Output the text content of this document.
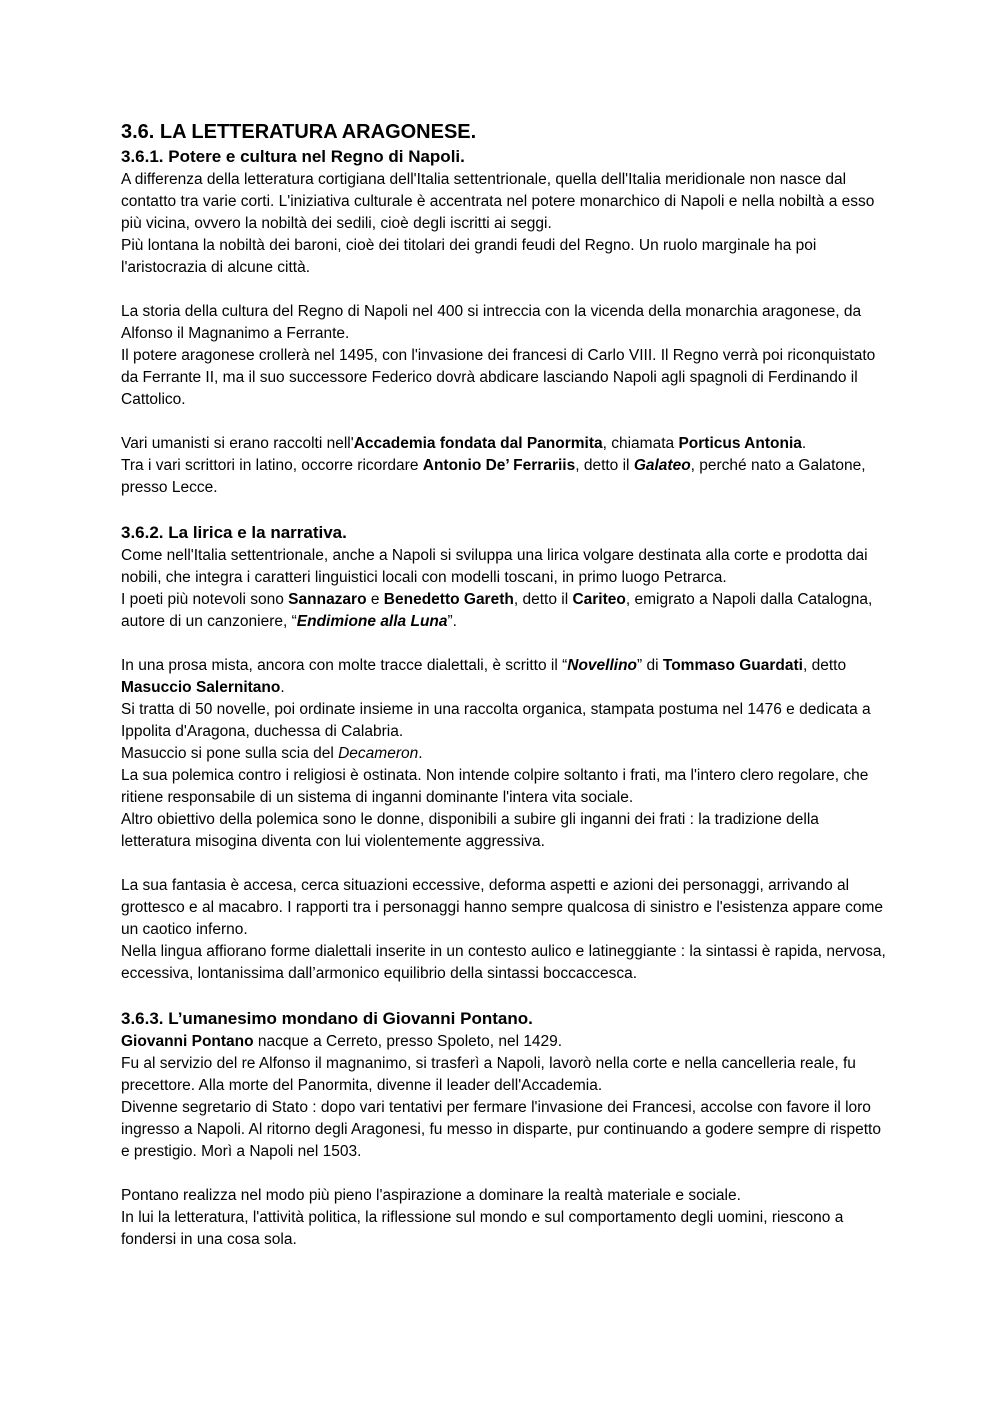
3.6. LA LETTERATURA ARAGONESE.
3.6.1. Potere e cultura nel Regno di Napoli.

A differenza della letteratura cortigiana dell'Italia settentrionale, quella dell'Italia meridionale non nasce dal contatto tra varie corti. L'iniziativa culturale è accentrata nel potere monarchico di Napoli e nella nobiltà a esso più vicina, ovvero la nobiltà dei sedili, cioè degli iscritti ai seggi.

Più lontana la nobiltà dei baroni, cioè dei titolari dei grandi feudi del Regno. Un ruolo marginale ha poi l'aristocrazia di alcune città.

La storia della cultura del Regno di Napoli nel 400 si intreccia con la vicenda della monarchia aragonese, da Alfonso il Magnanimo a Ferrante.

Il potere aragonese crollerà nel 1495, con l'invasione dei francesi di Carlo VIII. Il Regno verrà poi riconquistato da Ferrante II, ma il suo successore Federico dovrà abdicare lasciando Napoli agli spagnoli di Ferdinando il Cattolico.

Vari umanisti si erano raccolti nell'Accademia fondata dal Panormita, chiamata Porticus Antonia.

Tra i vari scrittori in latino, occorre ricordare Antonio De’ Ferrariis, detto il Galateo, perché nato a Galatone, presso Lecce.

3.6.2. La lirica e la narrativa.

Come nell'Italia settentrionale, anche a Napoli si sviluppa una lirica volgare destinata alla corte e prodotta dai nobili, che integra i caratteri linguistici locali con modelli toscani, in primo luogo Petrarca.

I poeti più notevoli sono Sannazaro e Benedetto Gareth, detto il Cariteo, emigrato a Napoli dalla Catalogna, autore di un canzoniere, “Endimione alla Luna”.

In una prosa mista, ancora con molte tracce dialettali, è scritto il “Novellino” di Tommaso Guardati, detto Masuccio Salernitano.

Si tratta di 50 novelle, poi ordinate insieme in una raccolta organica, stampata postuma nel 1476 e dedicata a Ippolita d'Aragona, duchessa di Calabria.

Masuccio si pone sulla scia del Decameron.

La sua polemica contro i religiosi è ostinata. Non intende colpire soltanto i frati, ma l'intero clero regolare, che ritiene responsabile di un sistema di inganni dominante l'intera vita sociale.

Altro obiettivo della polemica sono le donne, disponibili a subire gli inganni dei frati : la tradizione della letteratura misogina diventa con lui violentemente aggressiva.

La sua fantasia è accesa, cerca situazioni eccessive, deforma aspetti e azioni dei personaggi, arrivando al grottesco e al macabro. I rapporti tra i personaggi hanno sempre qualcosa di sinistro e l'esistenza appare come un caotico inferno.

Nella lingua affiorano forme dialettali inserite in un contesto aulico e latineggiante : la sintassi è rapida, nervosa, eccessiva, lontanissima dall’armonico equilibrio della sintassi boccaccesca.

3.6.3. L’umanesimo mondano di Giovanni Pontano.

Giovanni Pontano nacque a Cerreto, presso Spoleto, nel 1429.

Fu al servizio del re Alfonso il magnanimo, si trasferì a Napoli, lavorò nella corte e nella cancelleria reale, fu precettore. Alla morte del Panormita, divenne il leader dell'Accademia.

Divenne segretario di Stato : dopo vari tentativi per fermare l'invasione dei Francesi, accolse con favore il loro ingresso a Napoli. Al ritorno degli Aragonesi, fu messo in disparte, pur continuando a godere sempre di rispetto e prestigio. Morì a Napoli nel 1503.

Pontano realizza nel modo più pieno l'aspirazione a dominare la realtà materiale e sociale.

In lui la letteratura, l'attività politica, la riflessione sul mondo e sul comportamento degli uomini, riescono a fondersi in una cosa sola.
